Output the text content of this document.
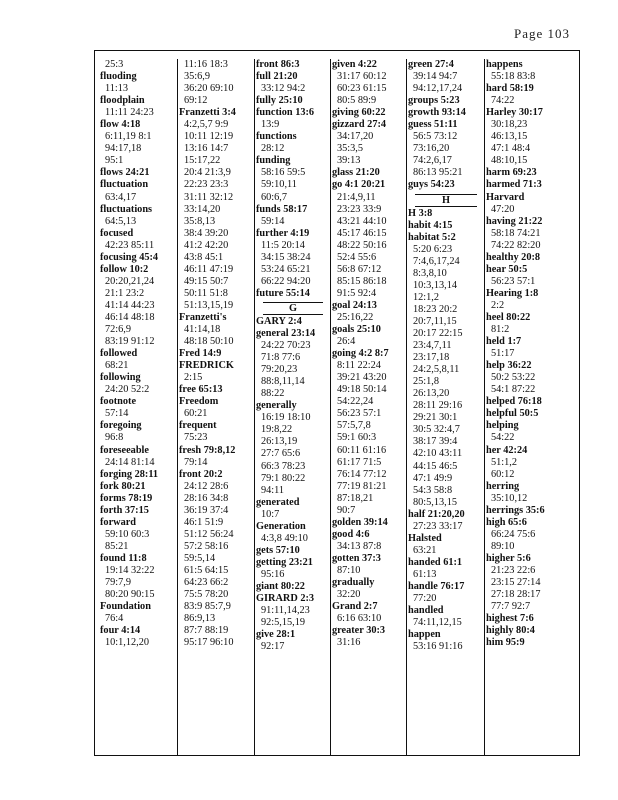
Page 103
25:3
fluoding
11:13
floodplain
11:11 24:23
flow 4:18
6:11,19 8:1
94:17,18
95:1
flows 24:21
fluctuation
63:4,17
fluctuations
64:5,13
focused
42:23 85:11
focusing 45:4
follow 10:2
20:20,21,24
21:1 23:2
41:14 44:23
46:14 48:18
72:6,9
83:19 91:12
followed
68:21
following
24:20 52:2
footnote
57:14
foregoing
96:8
foreseeable
24:14 81:14
forging 28:11
fork 80:21
forms 78:19
forth 37:15
forward
59:10 60:3
85:21
found 11:8
19:14 32:22
79:7,9
80:20 90:15
Foundation
76:4
four 4:14
10:1,12,20
11:16 18:3
35:6,9
36:20 69:10
69:12
Franzetti 3:4
4:2,5,7 9:9
10:11 12:19
13:16 14:7
15:17,22
20:4 21:3,9
22:23 23:3
31:11 32:12
33:14,20
35:8,13
38:4 39:20
41:2 42:20
43:8 45:1
46:11 47:19
49:15 50:7
50:11 51:8
51:13,15,19
Franzetti's
41:14,18
48:18 50:10
Fred 14:9
FREDRICK
2:15
free 65:13
Freedom
60:21
frequent
75:23
fresh 79:8,12
79:14
front 20:2
24:12 28:6
28:16 34:8
36:19 37:4
46:1 51:9
51:12 56:24
57:2 58:16
59:5,14
61:5 64:15
64:23 66:2
75:5 78:20
83:9 85:7,9
86:9,13
87:7 88:19
95:17 96:10
front 86:3
full 21:20
33:12 94:2
fully 25:10
function 13:6
13:9
functions
28:12
funding
58:16 59:5
59:10,11
60:6,7
funds 58:17
59:14
further 4:19
11:5 20:14
34:15 38:24
53:24 65:21
66:22 94:20
future 55:14
G
GARY 2:4
general 23:14
24:22 70:23
71:8 77:6
79:20,23
88:8,11,14
88:22
generally
16:19 18:10
19:8,22
26:13,19
27:7 65:6
66:3 78:23
79:1 80:22
94:11
generated
10:7
Generation
4:3,8 49:10
gets 57:10
getting 23:21
95:16
giant 80:22
GIRARD 2:3
91:11,14,23
92:5,15,19
give 28:1
92:17
given 4:22
31:17 60:12
60:23 61:15
80:5 89:9
giving 60:22
gizzard 27:4
34:17,20
35:3,5
39:13
glass 21:20
go 4:1 20:21
21:4,9,11
23:23 33:9
43:21 44:10
45:17 46:15
48:22 50:16
52:4 55:6
56:8 67:12
85:15 86:18
91:5 92:4
goal 24:13
25:16,22
goals 25:10
26:4
going 4:2 8:7
8:11 22:24
39:21 43:20
49:18 50:14
54:22,24
56:23 57:1
57:5,7,8
59:1 60:3
60:11 61:16
61:17 71:5
76:14 77:12
77:19 81:21
87:18,21
90:7
golden 39:14
good 4:6
34:13 87:8
gotten 37:3
87:10
gradually
32:20
Grand 2:7
6:16 63:10
greater 30:3
31:16
green 27:4
39:14 94:7
94:12,17,24
groups 5:23
growth 93:14
guess 51:11
56:5 73:12
73:16,20
74:2,6,17
86:13 95:21
guys 54:23
H
H 3:8
habit 4:15
habitat 5:2
5:20 6:23
7:4,6,17,24
8:3,8,10
10:3,13,14
12:1,2
18:23 20:2
20:7,11,15
20:17 22:15
23:4,7,11
23:17,18
24:2,5,8,11
25:1,8
26:13,20
28:11 29:16
29:21 30:1
30:5 32:4,7
38:17 39:4
42:10 43:11
44:15 46:5
47:1 49:9
54:3 58:8
80:5,13,15
half 21:20,20
27:23 33:17
Halsted
63:21
handed 61:1
61:13
handle 76:17
77:20
handled
74:11,12,15
happen
53:16 91:16
happens
55:18 83:8
hard 58:19
74:22
Harley 30:17
30:18,23
46:13,15
47:1 48:4
48:10,15
harm 69:23
harmed 71:3
Harvard
47:20
having 21:22
58:18 74:21
74:22 82:20
healthy 20:8
hear 50:5
56:23 57:1
Hearing 1:8
2:2
heel 80:22
81:2
held 1:7
51:17
help 36:22
50:2 53:22
54:1 87:22
helped 76:18
helpful 50:5
helping
54:22
her 42:24
51:1,2
60:12
herring
35:10,12
herrings 35:6
high 65:6
66:24 75:6
89:10
higher 5:6
21:23 22:6
23:15 27:14
27:18 28:17
77:7 92:7
highest 7:6
highly 80:4
him 95:9
